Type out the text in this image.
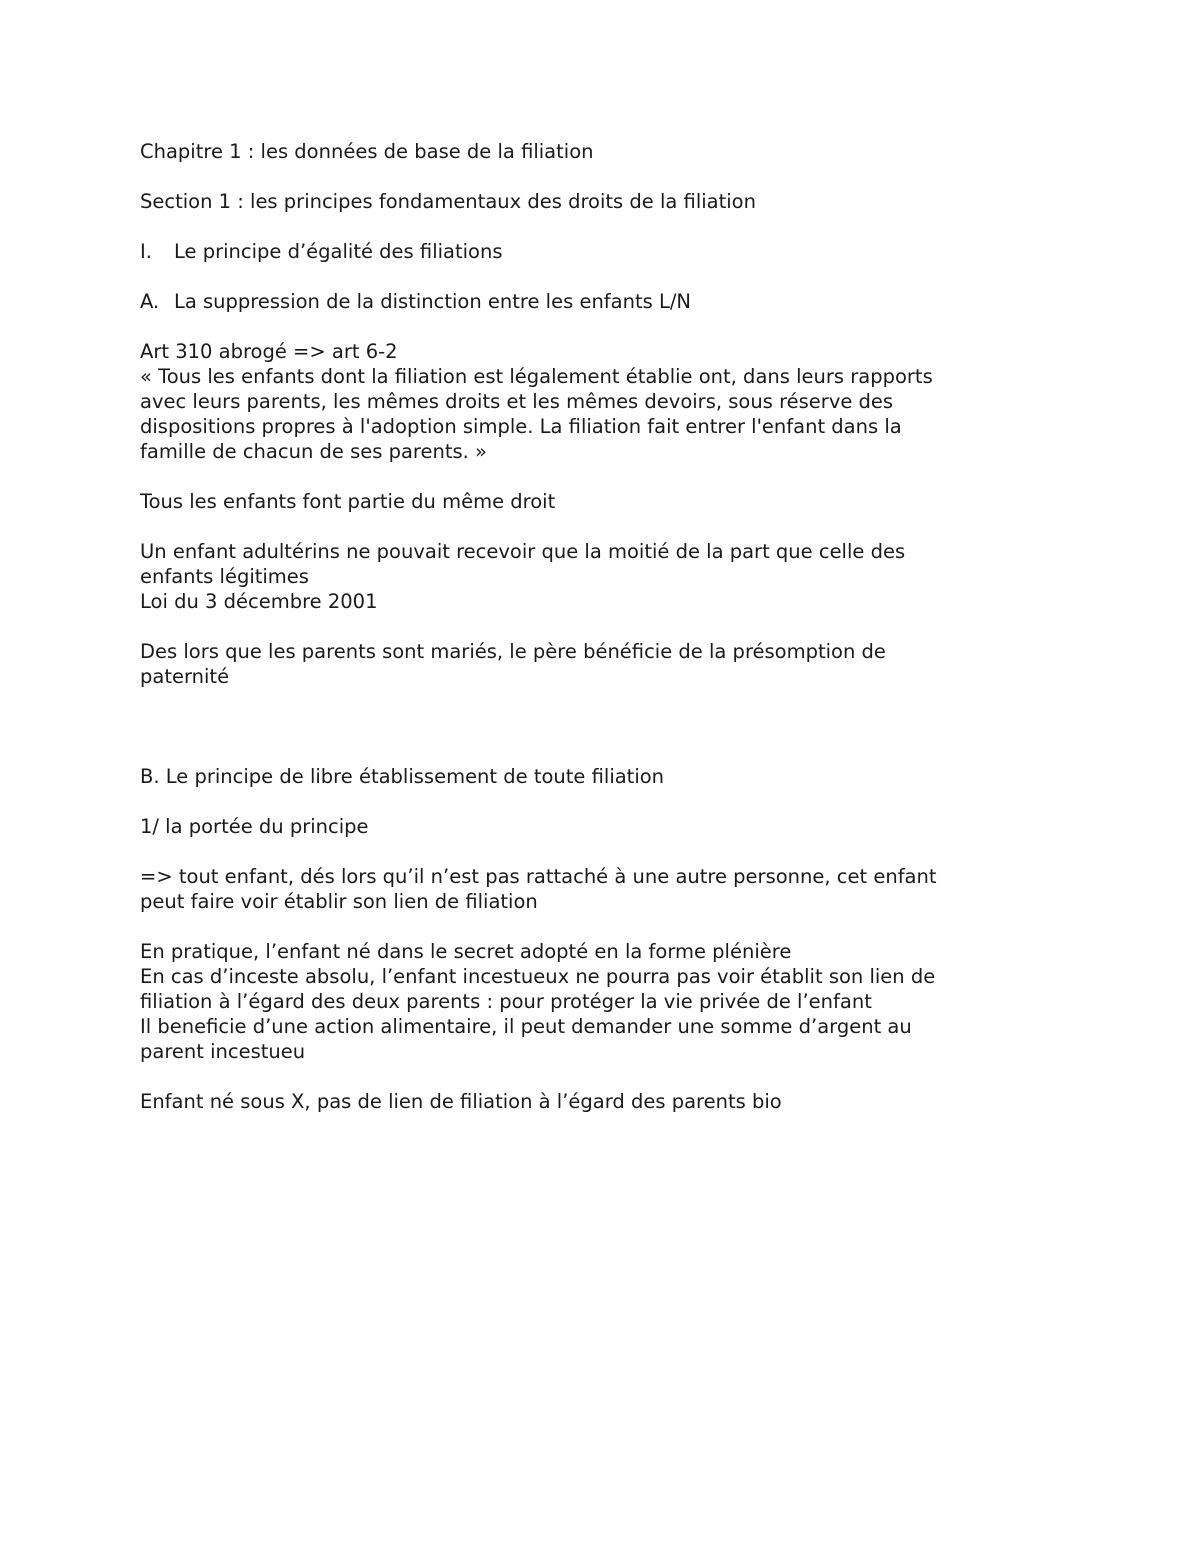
Chapitre 1 : les données de base de la filiation
Section 1 : les principes fondamentaux des droits de la filiation
I.	Le principe d’égalité des filiations
A. La suppression de la distinction entre les enfants L/N
Art 310 abrogé => art 6-2
« Tous les enfants dont la filiation est légalement établie ont, dans leurs rapports
avec leurs parents, les mêmes droits et les mêmes devoirs, sous réserve des
dispositions propres à l'adoption simple. La filiation fait entrer l'enfant dans la
famille de chacun de ses parents. »
Tous les enfants font partie du même droit
Un enfant adultérins ne pouvait recevoir que la moitié de la part que celle des
enfants légitimes
Loi du 3 décembre 2001
Des lors que les parents sont mariés, le père bénéficie de la présomption de
paternité
B. Le principe de libre établissement de toute filiation
1/ la portée du principe
=> tout enfant, dés lors qu’il n’est pas rattaché à une autre personne, cet enfant
peut faire voir établir son lien de filiation
En pratique, l’enfant né dans le secret adopté en la forme plénière
En cas d’inceste absolu, l’enfant incestueux ne pourra pas voir établit son lien de
filiation à l’égard des deux parents : pour protéger la vie privée de l’enfant
Il beneficie d’une action alimentaire, il peut demander une somme d’argent au
parent incestueu
Enfant né sous X, pas de lien de filiation à l’égard des parents bio
